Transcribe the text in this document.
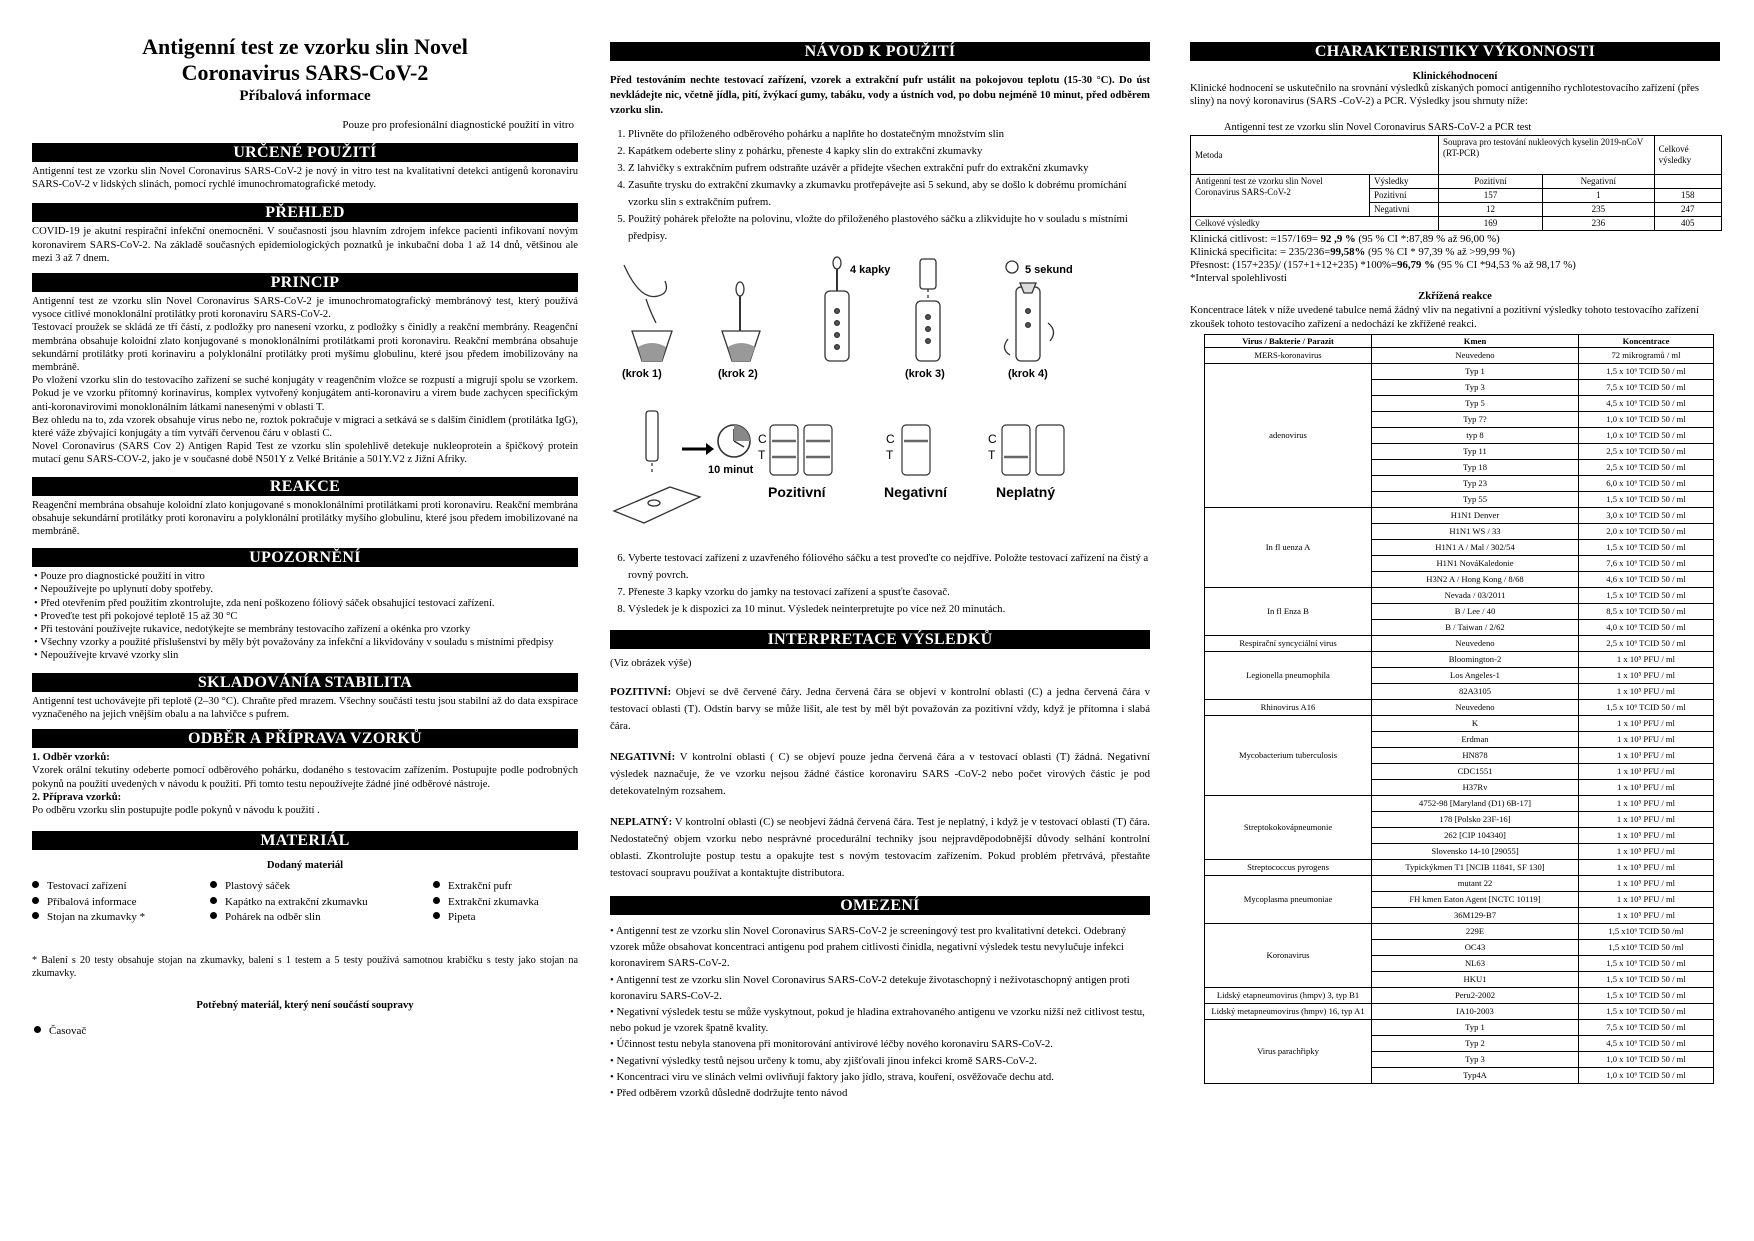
Antigenní test ze vzorku slin Novel
Coronavirus SARS-CoV-2
Příbalová informace
Pouze pro profesionální diagnostické použití in vitro
URČENÉ POUŽITÍ

Antigenní test ze vzorku slin Novel Coronavirus SARS-CoV-2 je nový in vitro test na kvalitativní detekci antigenů koronaviru SARS-CoV-2 v lidských slinách, pomocí rychlé imunochromatografické metody.

PŘEHLED

COVID-19 je akutní respirační infekční onemocnění. V současnosti jsou hlavním zdrojem infekce pacienti infikovaní novým koronavirem SARS-CoV-2. Na základě současných epidemiologických poznatků je inkubační doba 1 až 14 dnů, většinou ale mezi 3 až 7 dnem.

PRINCIP

Antigenní test ze vzorku slin Novel Coronavirus SARS-CoV-2 je imunochromatografický membránový test, který používá vysoce citlivé monoklonální protilátky proti koronaviru SARS-CoV-2.

Testovací proužek se skládá ze tří částí, z podložky pro nanesení vzorku, z podložky s činidly a reakční membrány. Reagenční membrána obsahuje koloidní zlato konjugované s monoklonálními protilátkami proti koronaviru. Reakční membrána obsahuje sekundární protilátky proti korinaviru a polyklonální protilátky proti myšímu globulinu, které jsou předem imobilizovány na membráně.

Po vložení vzorku slin do testovacího zařízení se suché konjugáty v reagenčním vložce se rozpustí a migrují spolu se vzorkem. Pokud je ve vzorku přítomný korinavirus, komplex vytvořený konjugátem anti-koronaviru a virem bude zachycen specifickým anti-koronavirovimi monoklonálním látkami nanesenými v oblasti T.

Bez ohledu na to, zda vzorek obsahuje virus nebo ne, roztok pokračuje v migraci a setkává se s dalším činidlem (protilátka IgG), které váže zbývající konjugáty a tím vytváří červenou čáru v oblasti C.

Novel Coronavirus (SARS Cov 2) Antigen Rapid Test ze vzorku slin spolehlivě detekuje nukleoprotein a špičkový protein mutací genu SARS-COV-2, jako je v současné době N501Y z Velké Británie a 501Y.V2 z Jižní Afriky.

REAKCE

Reagenční membrána obsahuje koloidní zlato konjugované s monoklonálními protilátkami proti koronaviru. Reakční membrána obsahuje sekundární protilátky proti koronaviru a polyklonální protilátky myšího globulinu, které jsou předem imobilizované na membráně.

UPOZORNĚNÍ

• Pouze pro diagnostické použití in vitro

• Nepoužívejte po uplynutí doby spotřeby.

• Před otevřením před použitím zkontrolujte, zda není poškozeno fóliový sáček obsahující testovací zařízení.

• Proveďte test při pokojové teplotě 15 až 30 °C

• Při testování používejte rukavice, nedotýkejte se membrány testovacího zařízení a okénka pro vzorky

• Všechny vzorky a použité příslušenství by měly být považovány za infekční a likvidovány v souladu s místními předpisy

• Nepoužívejte krvavé vzorky slin

SKLADOVÁNÍA STABILITA

Antigenní test uchovávejte při teplotě (2–30 °C). Chraňte před mrazem. Všechny součásti testu jsou stabilní až do data exspirace vyznačeného na jejich vnějším obalu a na lahvičce s pufrem.

ODBĚR A PŘÍPRAVA VZORKŮ
1. Odběr vzorků:

Vzorek orální tekutiny odeberte pomocí odběrového pohárku, dodaného s testovacím zařízením. Postupujte podle podrobných pokynů na použití uvedených v návodu k použití. Při tomto testu nepoužívejte žádné jiné odběrové nástroje.

2. Příprava vzorků:

Po odběru vzorku slin postupujte podle pokynů v návodu k použití .

MATERIÁL
Dodaný materiál
Testovací zařízení	Plastový sáček	Extrakční pufr
Příbalová informace	Kapátko na extrakční zkumavku	Extrakční zkumavka
Stojan na zkumavky *	Pohárek na odběr slin	Pipeta

* Balení s 20 testy obsahuje stojan na zkumavky, balení s 1 testem a 5 testy používá samotnou krabičku s testy jako stojan na zkumavky.

Potřebný materiál, který není součástí soupravy
Časovač
NÁVOD K POUŽITÍ

Před testováním nechte testovací zařízení, vzorek a extrakční pufr ustálit na pokojovou teplotu (15-30 °C). Do úst nevkládejte nic, včetně jídla, pití, žvýkací gumy, tabáku, vody a ústních vod, po dobu nejméně 10 minut, před odběrem vzorku slin.

1. Plivněte do přiloženého odběrového pohárku a naplňte ho dostatečným množstvím slin
2. Kapátkem odeberte sliny z pohárku, přeneste 4 kapky slin do extrakční zkumavky
3. Z lahvičky s extrakčním pufrem odstraňte uzávěr a přidejte všechen extrakční pufr do extrakční zkumavky
4. Zasuňte trysku do extrakční zkumavky a zkumavku protřepávejte asi 5 sekund, aby se došlo k dobrému promíchání vzorku slin s extrakčním pufrem.
5. Použitý pohárek přeložte na polovinu, vložte do přiloženého plastového sáčku a zlikvidujte ho v souladu s místními předpisy.
(krok 1)	(krok 2)
4 kapky
(krok 3)
5 sekund
(krok 4)
10 minut
C
T
Pozitivní
C
T
Negativní
C
T
Neplatný
6. Vyberte testovací zařízení z uzavřeného fóliového sáčku a test proveďte co nejdříve. Položte testovací zařízení na čistý a rovný povrch.
7. Přeneste 3 kapky vzorku do jamky na testovací zařízení a spusťte časovač.
8. Výsledek je k dispozici za 10 minut. Výsledek neinterpretujte po více než 20 minutách.
INTERPRETACE VÝSLEDKŮ

(Viz obrázek výše)

POZITIVNÍ: Objeví se dvě červené čáry. Jedna červená čára se objeví v kontrolní oblasti (C) a jedna červená čára v testovací oblasti (T). Odstín barvy se může lišit, ale test by měl být považován za pozitivní vždy, když je přítomna i slabá čára.

NEGATIVNÍ: V kontrolní oblasti ( C) se objeví pouze jedna červená čára a v testovací oblasti (T) žádná. Negativní výsledek naznačuje, že ve vzorku nejsou žádné částice koronaviru SARS -CoV-2 nebo počet virových částic je pod detekovatelným rozsahem.

NEPLATNÝ: V kontrolní oblasti (C) se neobjeví žádná červená čára. Test je neplatný, i když je v testovací oblasti (T) čára. Nedostatečný objem vzorku nebo nesprávné procedurální techniky jsou nejpravděpodobnější důvody selhání kontrolní oblasti. Zkontrolujte postup testu a opakujte test s novým testovacím zařízením. Pokud problém přetrvává, přestaňte testovací soupravu používat a kontaktujte distributora.

OMEZENÍ

• Antigenní test ze vzorku slin Novel Coronavirus SARS-CoV-2 je screeningový test pro kvalitativní detekci. Odebraný vzorek může obsahovat koncentraci antigenu pod prahem citlivosti činidla, negativní výsledek testu nevylučuje infekci koronavirem SARS-CoV-2.

• Antigenní test ze vzorku slin Novel Coronavirus SARS-CoV-2 detekuje životaschopný i neživotaschopný antigen proti koronaviru SARS-CoV-2.

• Negativní výsledek testu se může vyskytnout, pokud je hladina extrahovaného antigenu ve vzorku nižší než citlivost testu, nebo pokud je vzorek špatně kvality.

• Účinnost testu nebyla stanovena při monitorování antivirové léčby nového koronaviru SARS-CoV-2.

• Negativní výsledky testů nejsou určeny k tomu, aby zjišťovali jinou infekci kromě SARS-CoV-2.

• Koncentraci viru ve slinách velmi ovlivňují faktory jako jídlo, strava, kouření, osvěžovače dechu atd.

• Před odběrem vzorků důsledně dodržujte tento návod

CHARAKTERISTIKY VÝKONNOSTI
Klinickéhodnocení

Klinické hodnocení se uskutečnilo na srovnání výsledků získaných pomocí antigenního rychlotestovacího zařízení (přes sliny) na nový koronavirus (SARS -CoV-2) a PCR. Výsledky jsou shrnuty níže:

Antigenní test ze vzorku slin Novel Coronavirus SARS-CoV-2 a PCR test
Metoda		Souprava pro testování nukleových kyselin 2019-nCoV (RT-PCR)		Celkové výsledky
Antigenní test ze vzorku slin Novel Coronavirus SARS-CoV-2	Výsledky	Pozitivní	Negativní	
	Pozitivní	157	1	158
	Negativní	12	235	247
Celkové výsledky		169	236	405

Klinická citlivost: =157/169= 92 ,9 % (95 % CI *:87,89 % až 96,00 %)

Klinická specificita: = 235/236=99,58% (95 % CI * 97,39 % až >99,99 %)

Přesnost: (157+235)/ (157+1+12+235) *100%=96,79 % (95 % CI *94,53 % až 98,17 %)

*Interval spolehlivosti

Zkřížená reakce

Koncentrace látek v níže uvedené tabulce nemá žádný vliv na negativní a pozitivní výsledky tohoto testovacího zařízení zkoušek tohoto testovacího zařízení a nedochází ke zkřížené reakci.

Virus / Bakterie / Parazit	Kmen	Koncentrace
MERS-koronavirus	Neuvedeno	72 mikrogramů / ml
adenovirus	Typ 1	1,5 x 10⁶ TCID 50 / ml
	Typ 3	7,5 x 10⁶ TCID 50 / ml
	Typ 5	4,5 x 10⁶ TCID 50 / ml
	Typ 7?	1,0 x 10⁶ TCID 50 / ml
	typ 8	1,0 x 10⁶ TCID 50 / ml
	Typ 11	2,5 x 10⁶ TCID 50 / ml
	Typ 18	2,5 x 10⁶ TCID 50 / ml
	Typ 23	6,0 x 10⁶ TCID 50 / ml
	Typ 55	1,5 x 10⁶ TCID 50 / ml
In fl uenza A	H1N1 Denver	3,0 x 10⁶ TCID 50 / ml
	H1N1 WS / 33	2,0 x 10⁶ TCID 50 / ml
	H1N1 A / Mal / 302/54	1,5 x 10⁶ TCID 50 / ml
	H1N1 NováKaledonie	7,6 x 10⁶ TCID 50 / ml
	H3N2 A / Hong Kong / 8/68	4,6 x 10⁶ TCID 50 / ml
In fl Enza B	Nevada / 03/2011	1,5 x 10⁶ TCID 50 / ml
	B / Lee / 40	8,5 x 10⁶ TCID 50 / ml
	B / Taiwan / 2/62	4,0 x 10⁶ TCID 50 / ml
Respirační syncyciální virus	Neuvedeno	2,5 x 10⁶ TCID 50 / ml
Legionella pneumophila	Bloomington-2	1 x 10⁵ PFU / ml
	Los Angeles-1	1 x 10⁵ PFU / ml
	82A3105	1 x 10⁵ PFU / ml
Rhinovirus A16	Neuvedeno	1,5 x 10⁶ TCID 50 / ml
Mycobacterium tuberculosis	K	1 x 10³ PFU / ml
	Erdman	1 x 10³ PFU / ml
	HN878	1 x 10³ PFU / ml
	CDC1551	1 x 10³ PFU / ml
	H37Rv	1 x 10³ PFU / ml
Streptokokovápneumonie	4752-98 [Maryland (D1) 6B-17]	1 x 10⁵ PFU / ml
	178 [Polsko 23F-16]	1 x 10⁵ PFU / ml
	262 [CIP 104340]	1 x 10⁵ PFU / ml
	Slovensko 14-10 [29055]	1 x 10⁵ PFU / ml
Streptococcus pyrogens	Typickýkmen T1 [NCIB 11841, SF 130]	1 x 10⁵ PFU / ml
Mycoplasma pneumoniae	mutant 22	1 x 10⁵ PFU / ml
	FH kmen Eaton Agent [NCTC 10119]	1 x 10⁵ PFU / ml
	36M129-B7	1 x 10⁵ PFU / ml
Koronavirus	229E	1,5 x10⁶ TCID 50 /ml
	OC43	1,5 x10⁶ TCID 50 /ml
	NL63	1,5 x 10⁶ TCID 50 / ml
	HKU1	1,5 x 10⁶ TCID 50 / ml
Lidský etapneumovirus (hmpv) 3, typ B1	Peru2-2002	1,5 x 10⁶ TCID 50 / ml
Lidský metapneumovirus (hmpv) 16, typ A1	IA10-2003	1,5 x 10⁶ TCID 50 / ml
Virus parachřipky	Typ 1	7,5 x 10⁶ TCID 50 / ml
	Typ 2	4,5 x 10⁶ TCID 50 / ml
	Typ 3	1,0 x 10⁶ TCID 50 / ml
	Typ4A	1,0 x 10⁶ TCID 50 / ml
